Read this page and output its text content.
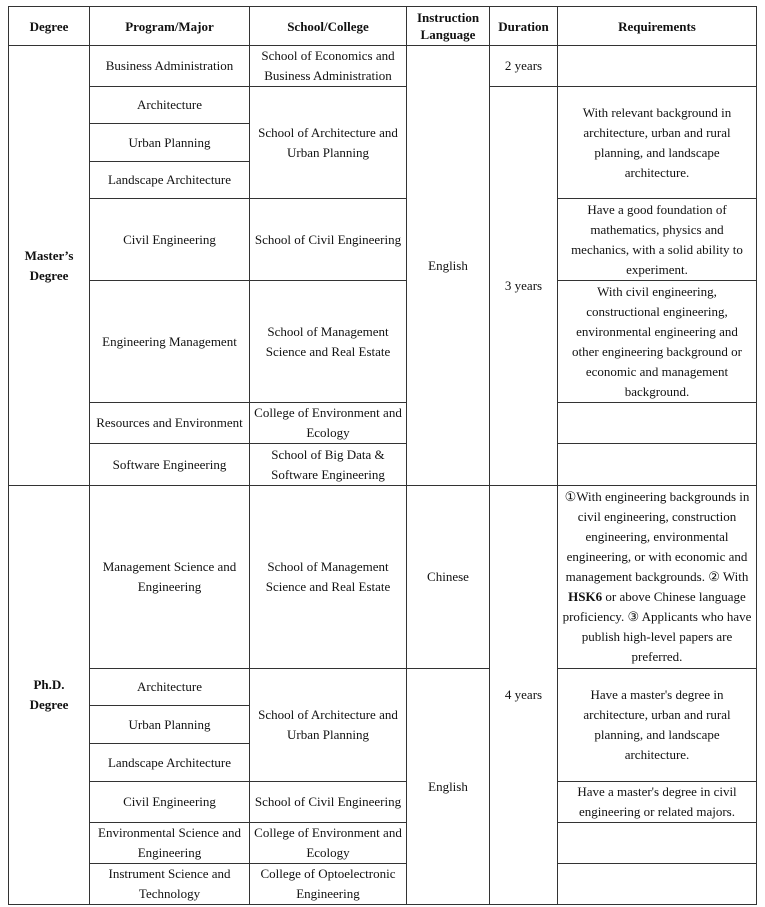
Degree	Program/Major	School/College	Instruction Language	Duration	Requirements
Master’s Degree	Business Administration	School of Economics and Business Administration	English	2 years	
	Architecture	School of Architecture and Urban Planning		3 years	With relevant background in architecture, urban and rural planning, and landscape architecture.
	Urban Planning				
	Landscape Architecture				
	Civil Engineering	School of Civil Engineering			Have a good foundation of mathematics, physics and mechanics, with a solid ability to experiment.
	Engineering Management	School of Management Science and Real Estate			With civil engineering, constructional engineering, environmental engineering and other engineering background or economic and management background.
	Resources and Environment	College of Environment and Ecology			
	Software Engineering	School of Big Data & Software Engineering			

Ph.D. Degree	Management Science and Engineering	School of Management Science and Real Estate	Chinese	4 years	①With engineering backgrounds in civil engineering, construction engineering, environmental engineering, or with economic and management backgrounds. ② With HSK6 or above Chinese language proficiency. ③ Applicants who have publish high-level papers are preferred.
	Architecture	School of Architecture and Urban Planning	English		Have a master's degree in architecture, urban and rural planning, and landscape architecture.
	Urban Planning				
	Landscape Architecture				
	Civil Engineering	School of Civil Engineering			Have a master's degree in civil engineering or related majors.
	Environmental Science and Engineering	College of Environment and Ecology			
	Instrument Science and Technology	College of Optoelectronic Engineering			
